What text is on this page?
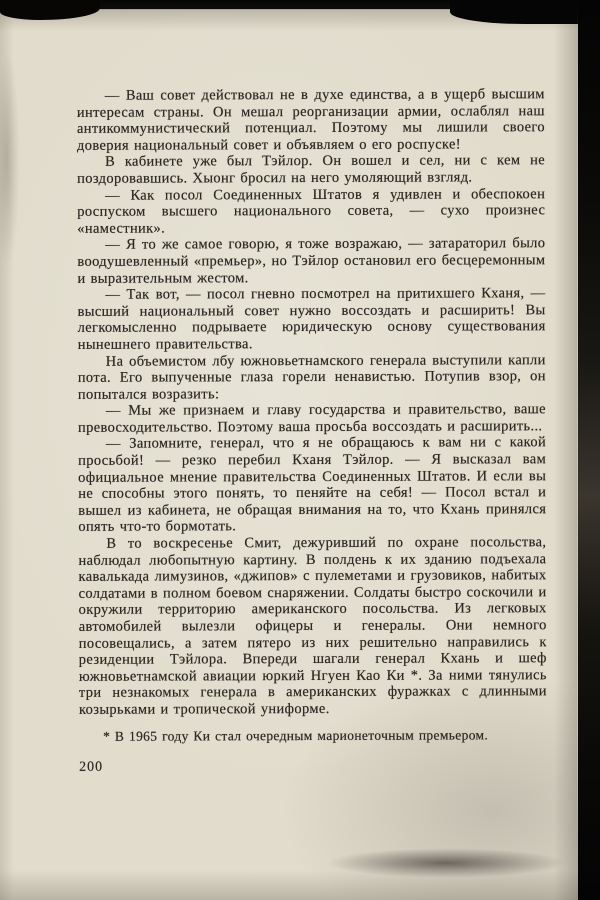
— Ваш совет действовал не в духе единства, а в ущерб высшим интересам страны. Он мешал реорганизации армии, ослаблял наш антикоммунистический потенциал. Поэтому мы лишили своего доверия национальный совет и объявляем о его роспуске!

В кабинете уже был Тэйлор. Он вошел и сел, ни с кем не поздоровавшись. Хыонг бросил на него умоляющий взгляд.

— Как посол Соединенных Штатов я удивлен и обеспокоен роспуском высшего национального совета, — сухо произнес «наместник».

— Я то же самое говорю, я тоже возражаю, — затараторил было воодушевленный «премьер», но Тэйлор остановил его бесцеремонным и выразительным жестом.

— Так вот, — посол гневно посмотрел на притихшего Кханя, — высший национальный совет нужно воссоздать и расширить! Вы легкомысленно подрываете юридическую основу существования нынешнего правительства.

На объемистом лбу южновьетнамского генерала выступили капли пота. Его выпученные глаза горели ненавистью. Потупив взор, он попытался возразить:

— Мы же признаем и главу государства и правительство, ваше превосходительство. Поэтому ваша просьба воссоздать и расширить...

— Запомните, генерал, что я не обращаюсь к вам ни с какой просьбой! — резко перебил Кханя Тэйлор. — Я высказал вам официальное мнение правительства Соединенных Штатов. И если вы не способны этого понять, то пеняйте на себя! — Посол встал и вышел из кабинета, не обращая внимания на то, что Кхань принялся опять что-то бормотать.

В то воскресенье Смит, дежуривший по охране посольства, наблюдал любопытную картину. В полдень к их зданию подъехала кавалькада лимузинов, «джипов» с пулеметами и грузовиков, набитых солдатами в полном боевом снаряжении. Солдаты быстро соскочили и окружили территорию американского посольства. Из легковых автомобилей вылезли офицеры и генералы. Они немного посовещались, а затем пятеро из них решительно направились к резиденции Тэйлора. Впереди шагали генерал Кхань и шеф южновьетнамской авиации юркий Нгуен Као Ки *. За ними тянулись три незнакомых генерала в американских фуражках с длинными козырьками и тропической униформе.

* В 1965 году Ки стал очередным марионеточным премьером.

200
